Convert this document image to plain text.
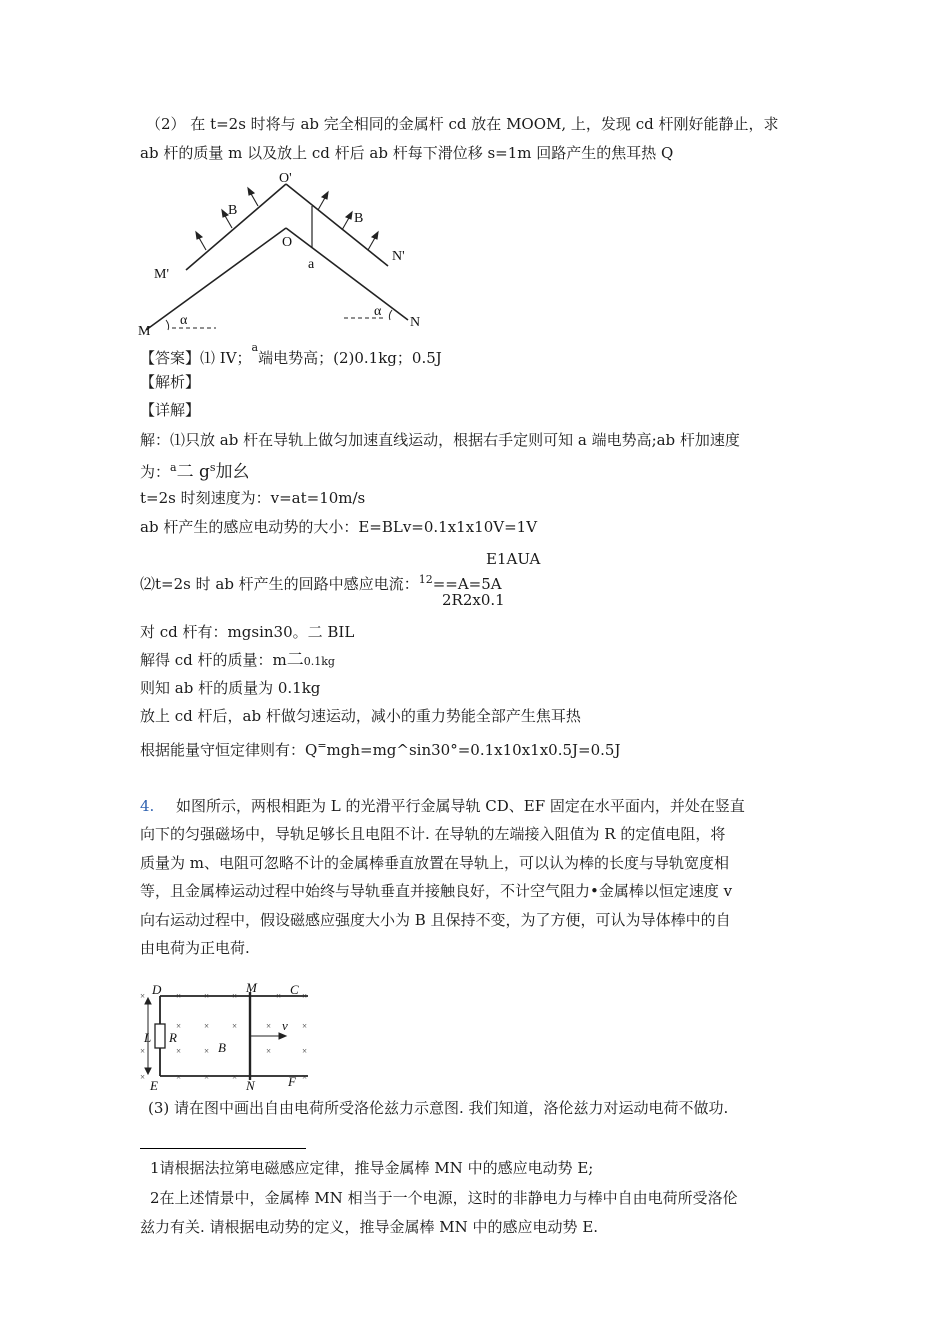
（2） 在 t=2s 时将与 ab 完全相同的金属杆 cd 放在 MOOM, 上，发现 cd 杆刚好能静止，求
ab 杆的质量 m 以及放上 cd 杆后 ab 杆每下滑位移 s=1m 回路产生的焦耳热 Q
O'
O
B
B
M'
N'
a
M
N
α
α
【答案】⑴ IV；$^a$端电势高；(2)0.1kg；0.5J
【解析】
【详解】
解：⑴只放 ab 杆在导轨上做匀加速直线运动，根据右手定则可知 a 端电势高;ab 杆加速度
为：$^a$二 $g^s$加幺
t=2s 时刻速度为：v=at=10m/s
ab 杆产生的感应电动势的大小：E=BLv=0.1x1x10V=1V
E1AUA
⑵t=2s 时 ab 杆产生的回路中感应电流：$^{12}$==A=5A
2R2x0.1
对 cd 杆有：mgsin30。二 BIL
解得 cd 杆的质量：m二0.1kg
则知 ab 杆的质量为 0.1kg
放上 cd 杆后，ab 杆做匀速运动，减小的重力势能全部产生焦耳热
根据能量守恒定律则有：Q=mgh=mg^sin30°=0.1x10x1x0.5J=0.5J
4. 如图所示，两根相距为 L 的光滑平行金属导轨 CD、EF 固定在水平面内，并处在竖直
向下的匀强磁场中，导轨足够长且电阻不计. 在导轨的左端接入阻值为 R 的定值电阻，将
质量为 m、电阻可忽略不计的金属棒垂直放置在导轨上，可以认为棒的长度与导轨宽度相
等，且金属棒运动过程中始终与导轨垂直并接触良好，不计空气阻力•金属棒以恒定速度 v
向右运动过程中，假设磁感应强度大小为 B 且保持不变，为了方便，可认为导体棒中的自
由电荷为正电荷.
×	×	×	×	× ×
×	×	×	×	×
×	×	×	×	×
×	×	×	×	×
D	M	C
L R
B
v
E	N	F
(3) 请在图中画出自由电荷所受洛伦兹力示意图. 我们知道，洛伦兹力对运动电荷不做功.
1请根据法拉第电磁感应定律，推导金属棒 MN 中的感应电动势 E;
2在上述情景中，金属棒 MN 相当于一个电源，这时的非静电力与棒中自由电荷所受洛伦
兹力有关. 请根据电动势的定义，推导金属棒 MN 中的感应电动势 E.
